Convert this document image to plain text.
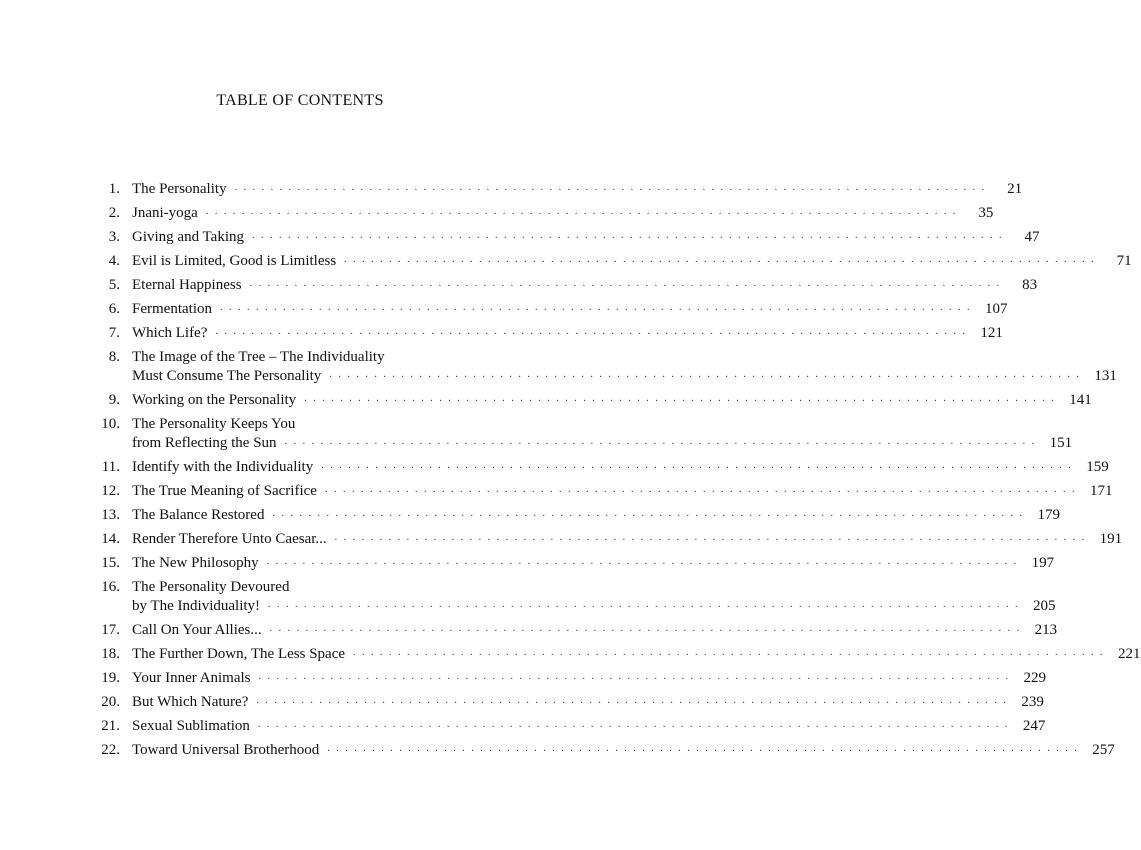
TABLE OF CONTENTS
1. The Personality . . .	21
2. Jnani-yoga . . .	35
3. Giving and Taking . . .	47
4. Evil is Limited, Good is Limitless . . .	71
5. Eternal Happiness . . .	83
6. Fermentation . . .	107
7. Which Life? . . .	121
8. The Image of the Tree – The Individuality
Must Consume The Personality . . .	131
9. Working on the Personality . . .	141
10. The Personality Keeps You
from Reflecting the Sun . . .	151
11. Identify with the Individuality . . .	159
12. The True Meaning of Sacrifice . . .	171
13. The Balance Restored . . .	179
14. Render Therefore Unto Caesar... . . .	191
15. The New Philosophy . . .	197
16. The Personality Devoured
by The Individuality! . . .	205
17. Call On Your Allies... . . .	213
18. The Further Down, The Less Space . . .	221
19. Your Inner Animals . . .	229
20. But Which Nature? . . .	239
21. Sexual Sublimation . . .	247
22. Toward Universal Brotherhood . . .	257
